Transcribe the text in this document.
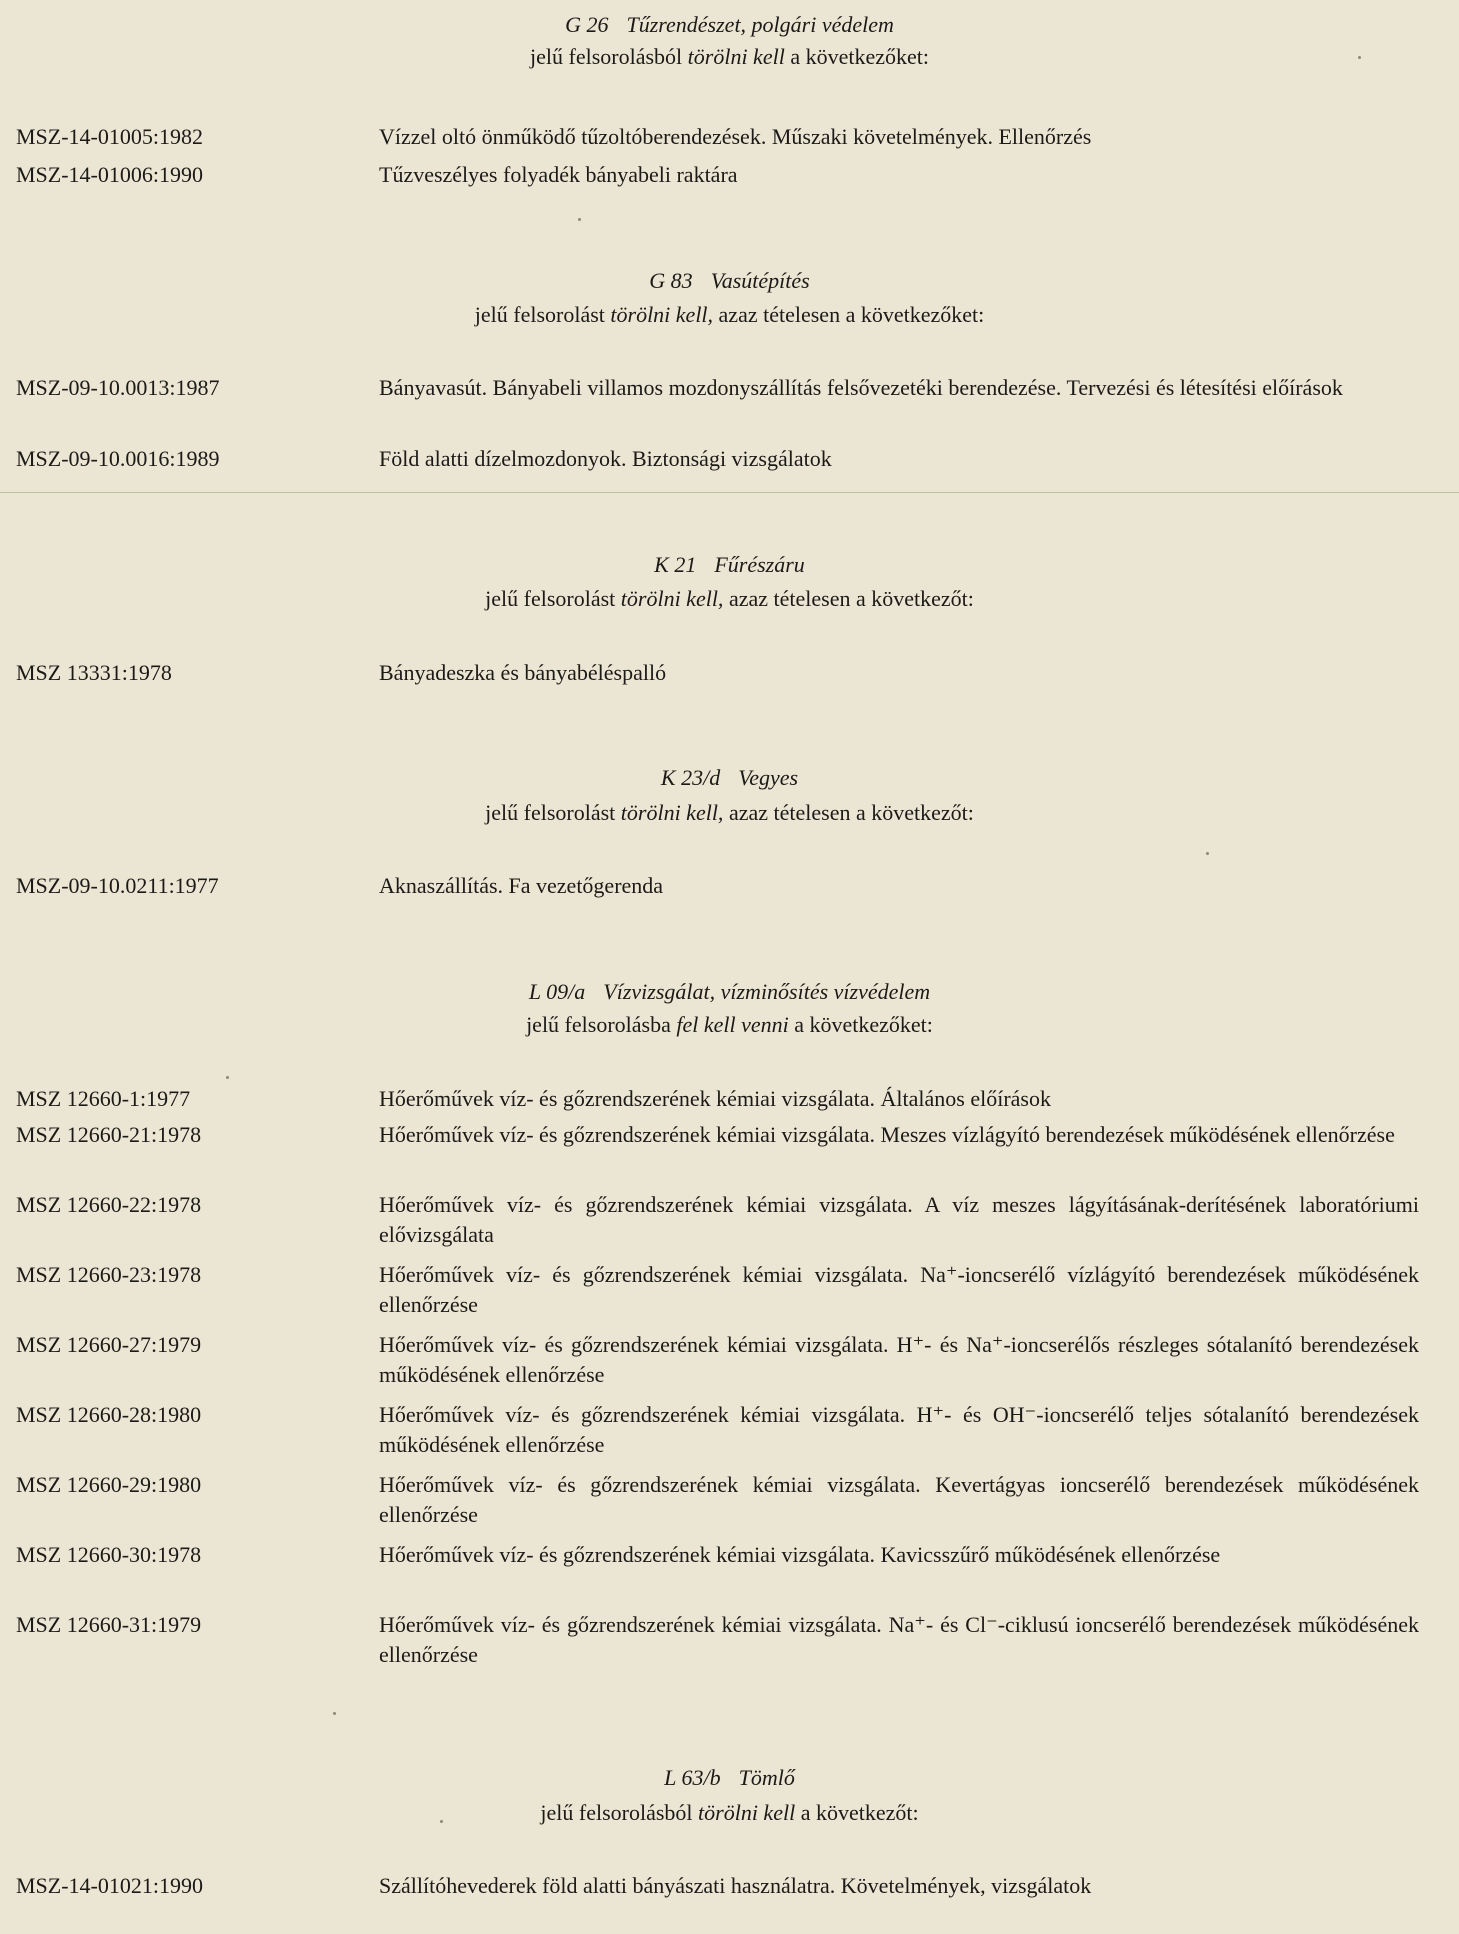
G 26 Tűzrendészet, polgári védelem
jelű felsorolásból törölni kell a következőket:
MSZ-14-01005:1982	Vízzel oltó önműködő tűzoltóberendezések. Műszaki követelmények. Ellenőrzés
MSZ-14-01006:1990	Tűzveszélyes folyadék bányabeli raktára
G 83 Vasútépítés
jelű felsorolást törölni kell, azaz tételesen a következőket:
MSZ-09-10.0013:1987	Bányavasút. Bányabeli villamos mozdonyszállítás felsővezetéki berendezése. Tervezési és létesítési előírások
MSZ-09-10.0016:1989	Föld alatti dízelmozdonyok. Biztonsági vizsgálatok
K 21 Fűrészáru
jelű felsorolást törölni kell, azaz tételesen a következőt:
MSZ 13331:1978	Bányadeszka és bányabéléspalló
K 23/d Vegyes
jelű felsorolást törölni kell, azaz tételesen a következőt:
MSZ-09-10.0211:1977	Aknaszállítás. Fa vezetőgerenda
L 09/a Vízvizsgálat, vízminősítés vízvédelem
jelű felsorolásba fel kell venni a következőket:
MSZ 12660-1:1977	Hőerőművek víz- és gőzrendszerének kémiai vizsgálata. Általános előírások
MSZ 12660-21:1978	Hőerőművek víz- és gőzrendszerének kémiai vizsgálata. Meszes vízlágyító berendezések működésének ellenőrzése
MSZ 12660-22:1978	Hőerőművek víz- és gőzrendszerének kémiai vizsgálata. A víz meszes lágyításának-derítésének laboratóriumi elővizsgálata
MSZ 12660-23:1978	Hőerőművek víz- és gőzrendszerének kémiai vizsgálata. Na⁺-ioncserélő vízlágyító berendezések működésének ellenőrzése
MSZ 12660-27:1979	Hőerőművek víz- és gőzrendszerének kémiai vizsgálata. H⁺- és Na⁺-ioncserélős részleges sótalanító berendezések működésének ellenőrzése
MSZ 12660-28:1980	Hőerőművek víz- és gőzrendszerének kémiai vizsgálata. H⁺- és OH⁻-ioncserélő teljes sótalanító berendezések működésének ellenőrzése
MSZ 12660-29:1980	Hőerőművek víz- és gőzrendszerének kémiai vizsgálata. Kevertágyas ioncserélő berendezések működésének ellenőrzése
MSZ 12660-30:1978	Hőerőművek víz- és gőzrendszerének kémiai vizsgálata. Kavicsszűrő működésének ellenőrzése
MSZ 12660-31:1979	Hőerőművek víz- és gőzrendszerének kémiai vizsgálata. Na⁺- és Cl⁻-ciklusú ioncserélő berendezések működésének ellenőrzése
L 63/b Tömlő
jelű felsorolásból törölni kell a következőt:
MSZ-14-01021:1990	Szállítóhevederek föld alatti bányászati használatra. Követelmények, vizsgálatok
